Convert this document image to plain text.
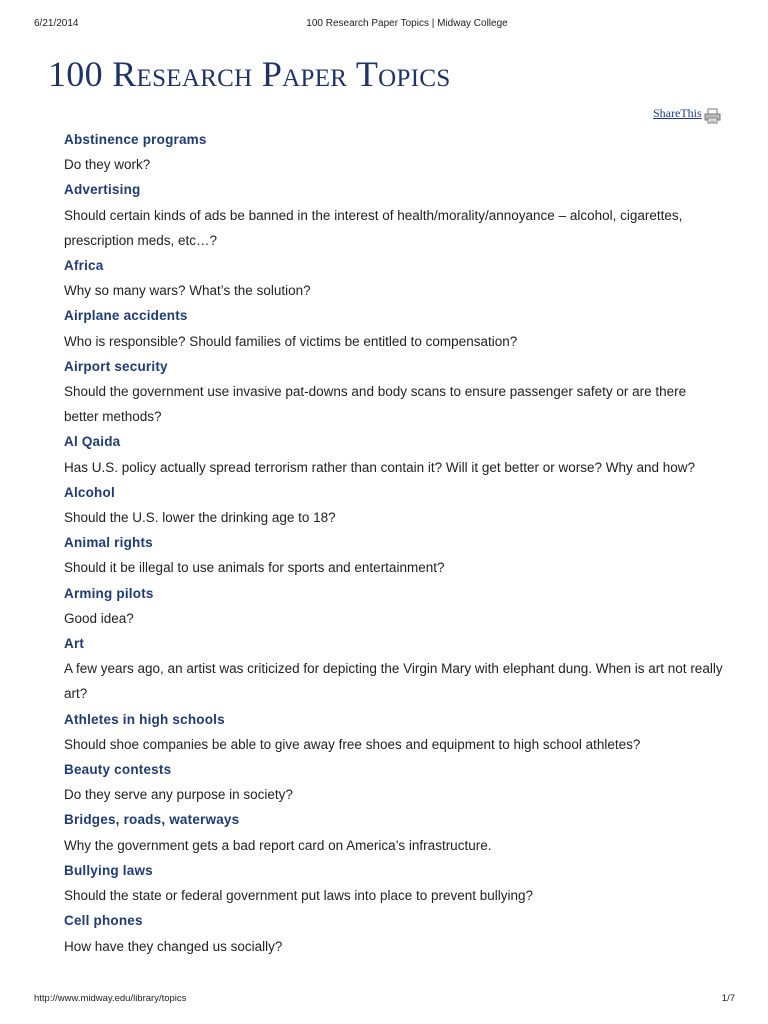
6/21/2014	100 Research Paper Topics | Midway College
100 Research Paper Topics
ShareThis
Abstinence programs
Do they work?
Advertising
Should certain kinds of ads be banned in the interest of health/morality/annoyance – alcohol, cigarettes, prescription meds, etc…?
Africa
Why so many wars? What’s the solution?
Airplane accidents
Who is responsible? Should families of victims be entitled to compensation?
Airport security
Should the government use invasive pat-downs and body scans to ensure passenger safety or are there better methods?
Al Qaida
Has U.S. policy actually spread terrorism rather than contain it? Will it get better or worse? Why and how?
Alcohol
Should the U.S. lower the drinking age to 18?
Animal rights
Should it be illegal to use animals for sports and entertainment?
Arming pilots
Good idea?
Art
A few years ago, an artist was criticized for depicting the Virgin Mary with elephant dung. When is art not really art?
Athletes in high schools
Should shoe companies be able to give away free shoes and equipment to high school athletes?
Beauty contests
Do they serve any purpose in society?
Bridges, roads, waterways
Why the government gets a bad report card on America’s infrastructure.
Bullying laws
Should the state or federal government put laws into place to prevent bullying?
Cell phones
How have they changed us socially?
http://www.midway.edu/library/topics	1/7
